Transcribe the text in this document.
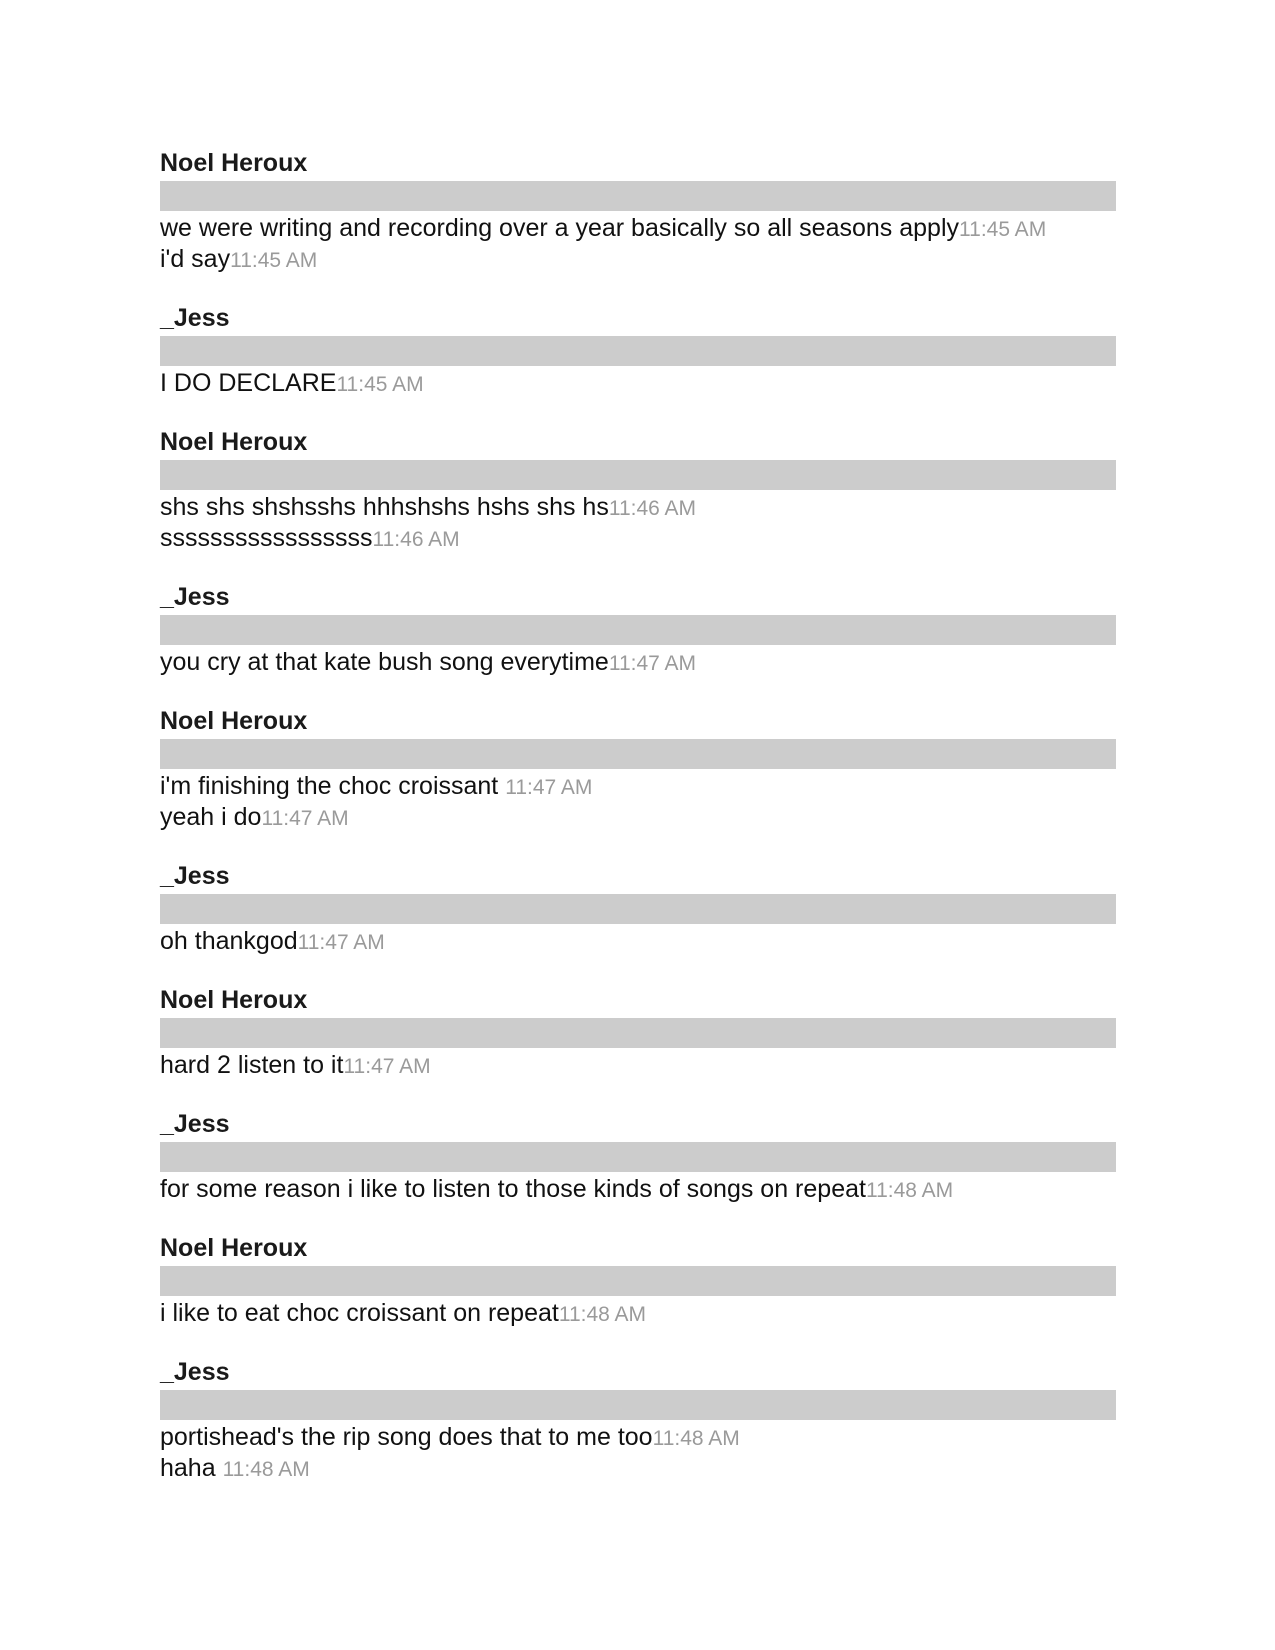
Noel Heroux
we were writing and recording over a year basically so all seasons apply11:45 AM
i'd say11:45 AM
_Jess
I DO DECLARE11:45 AM
Noel Heroux
shs shs shshsshs hhhshshs hshs shs hs11:46 AM
sssssssssssssssss11:46 AM
_Jess
you cry at that kate bush song everytime11:47 AM
Noel Heroux
i'm finishing the choc croissant 11:47 AM
yeah i do11:47 AM
_Jess
oh thankgod11:47 AM
Noel Heroux
hard 2 listen to it11:47 AM
_Jess
for some reason i like to listen to those kinds of songs on repeat11:48 AM
Noel Heroux
i like to eat choc croissant on repeat11:48 AM
_Jess
portishead's the rip song does that to me too11:48 AM
haha 11:48 AM
